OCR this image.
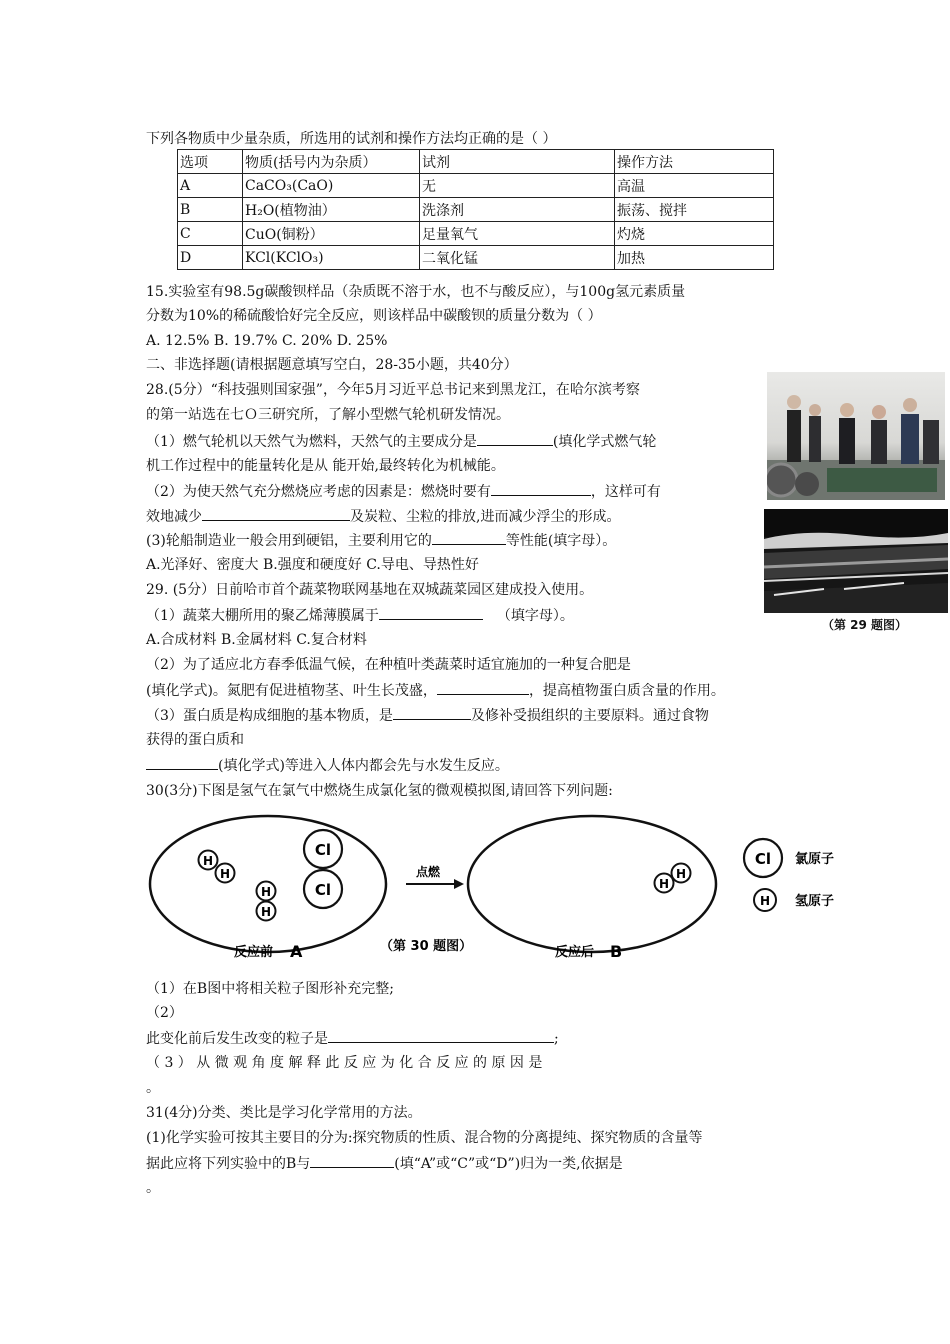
下列各物质中少量杂质，所选用的试剂和操作方法均正确的是（ ）
选项	物质(括号内为杂质）	试剂	操作方法
A	CaCO₃(CaO)	无	高温
B	H₂O(植物油）	洗涤剂	振荡、搅拌
C	CuO(铜粉）	足量氧气	灼烧
D	KCl(KClO₃)	二氧化锰	加热
15.实验室有98.5g碳酸钡样品（杂质既不溶于水，也不与酸反应），与100g氢元素质量
分数为10%的稀硫酸恰好完全反应，则该样品中碳酸钡的质量分数为（ ）
A. 12.5% B. 19.7% C. 20% D. 25%
二、非选择题(请根据题意填写空白，28-35小题，共40分）
28.(5分）“科技强则国家强”，今年5月习近平总书记来到黑龙江，在哈尔滨考察
的第一站选在七Ｏ三研究所，了解小型燃气轮机研发情况。
（1）燃气轮机以天然气为燃料，天然气的主要成分是	(填化学式燃气轮
机工作过程中的能量转化是从 能开始,最终转化为机械能。
（2）为使天然气充分燃烧应考虑的因素是：燃烧时要有	，这样可有
效地减少	及炭粒、尘粒的排放,进而减少浮尘的形成。
(3)轮船制造业一般会用到硬铝，主要利用它的	等性能(填字母）。
A.光泽好、密度大 B.强度和硬度好 C.导电、导热性好
（第 29 题图）
29. (5分）日前哈市首个蔬菜物联网基地在双城蔬菜园区建成投入使用。
（1）蔬菜大棚所用的聚乙烯薄膜属于	（填字母）。
A.合成材料 B.金属材料 C.复合材料
（2）为了适应北方春季低温气候，在种植叶类蔬菜时适宜施加的一种复合肥是
(填化学式)。氮肥有促进植物茎、叶生长茂盛，	，提高植物蛋白质含量的作用。
（3）蛋白质是构成细胞的基本物质，是	及修补受损组织的主要原料。通过食物
获得的蛋白质和
(填化学式)等进入人体内都会先与水发生反应。
30(3分)下图是氢气在氯气中燃烧生成氯化氢的微观模拟图,请回答下列问题:
H
H
H
H
Cl
Cl
点燃
H
H
Cl 氯原子
H 氢原子
反应前 A	（第 30 题图）	反应后 B
（1）在B图中将相关粒子图形补充完整;
（2）
此变化前后发生改变的粒子是	;
（ 3 ） 从 微 观 角 度 解 释 此 反 应 为 化 合 反 应 的 原 因 是
。
31(4分)分类、类比是学习化学常用的方法。
(1)化学实验可按其主要目的分为:探究物质的性质、混合物的分离提纯、探究物质的含量等
据此应将下列实验中的B与	(填“A”或“C”或“D”)归为一类,依据是
。
